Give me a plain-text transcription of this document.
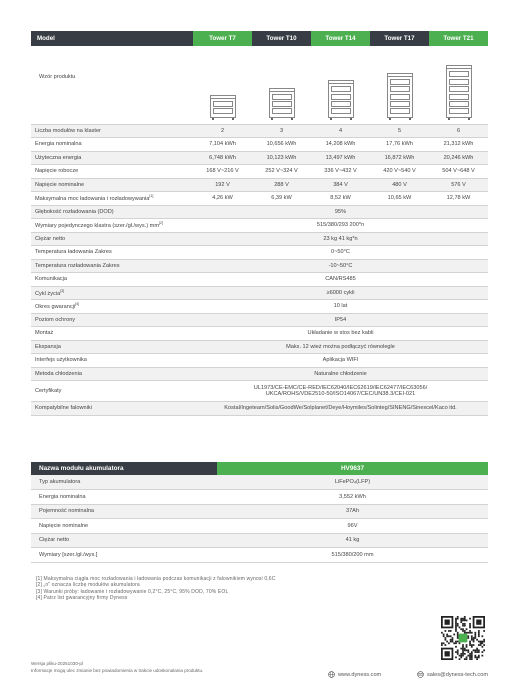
Model	Tower T7	Tower T10	Tower T14	Tower T17	Tower T21
Wzór produktu	

Liczba modułów na klaster	2	3	4	5	6
Energia nominalna	7,104 kWh	10,656 kWh	14,208 kWh	17,76 kWh	21,312 kWh
Użyteczna energia	6,748 kWh	10,123 kWh	13,497 kWh	16,872 kWh	20,246 kWh
Napięcie robocze	168 V~216 V	252 V~324 V	336 V~432 V	420 V~540 V	504 V~648 V
Napięcie nominalne	192 V	288 V	384 V	480 V	576 V
Maksymalna moc ładowania i rozładowywania[1]	4,26 kW	6,39 kW	8,52 kW	10,65 kW	12,78 kW
Głębokość rozładowania (DOD)	95%				
Wymiary pojedynczego klastra (szer./gł./wys.) mm[2]	515/380/293 200*n				
Ciężar netto	23 kg 41 kg*n				
Temperatura ładowania Zakres	0~50°C				
Temperatura rozładowania Zakres	-10~50°C				
Komunikacja	CAN/RS485				
Cykl życia[3]	≥6000 cykli				
Okres gwarancji[4]	10 lat				
Poziom ochrony	IP54				
Montaż	Układanie w stos bez kabli				
Ekspansja	Maks. 12 wież można podłączyć równolegle				
Interfejs użytkownika	Aplikacja WIFI				
Metoda chłodzenia	Naturalne chłodzenie				
Certyfikaty	UL1973/CE-EMC/CE-RED/IEC62040/IEC62619/IEC62477/IEC63056/
UKCA/ROHS/VDE2510-50/ISO14067/CEC/UN38.3/CEI-021				

Kompatybilne falowniki	Kostal/Ingeteam/Solis/GoodWe/Solplanet/Deye/Hoymiles/Solinteg/SINENG/Sinexcel/Kaco itd.				
Nazwa modułu akumulatora	HV9637
Typ akumulatora	LiFePO₄(LFP)
Energia nominalna	3,552 kWh
Pojemność nominalna	37Ah
Napięcie nominalne	96V
Ciężar netto	41 kg
Wymiary [szer./gł./wys.]	515/380/200 mm
[1] Maksymalna ciągła moc rozładowania i ładowania podczas komunikacji z falownikiem wynosi 0,6C
[2] „n” oznacza liczbę modułów akumulatora
[3] Warunki próby: ładowanie i rozładowywanie 0,2°C, 25°C, 95% DOD, 70% EOL
[4] Patrz list gwarancyjny firmy Dyness
Wersja pliku-20251030-pl
Informacje mogą ulec zmianie bez powiadomienia w trakcie udoskonalania produktu.
www.dyness.com	sales@dyness-tech.com
